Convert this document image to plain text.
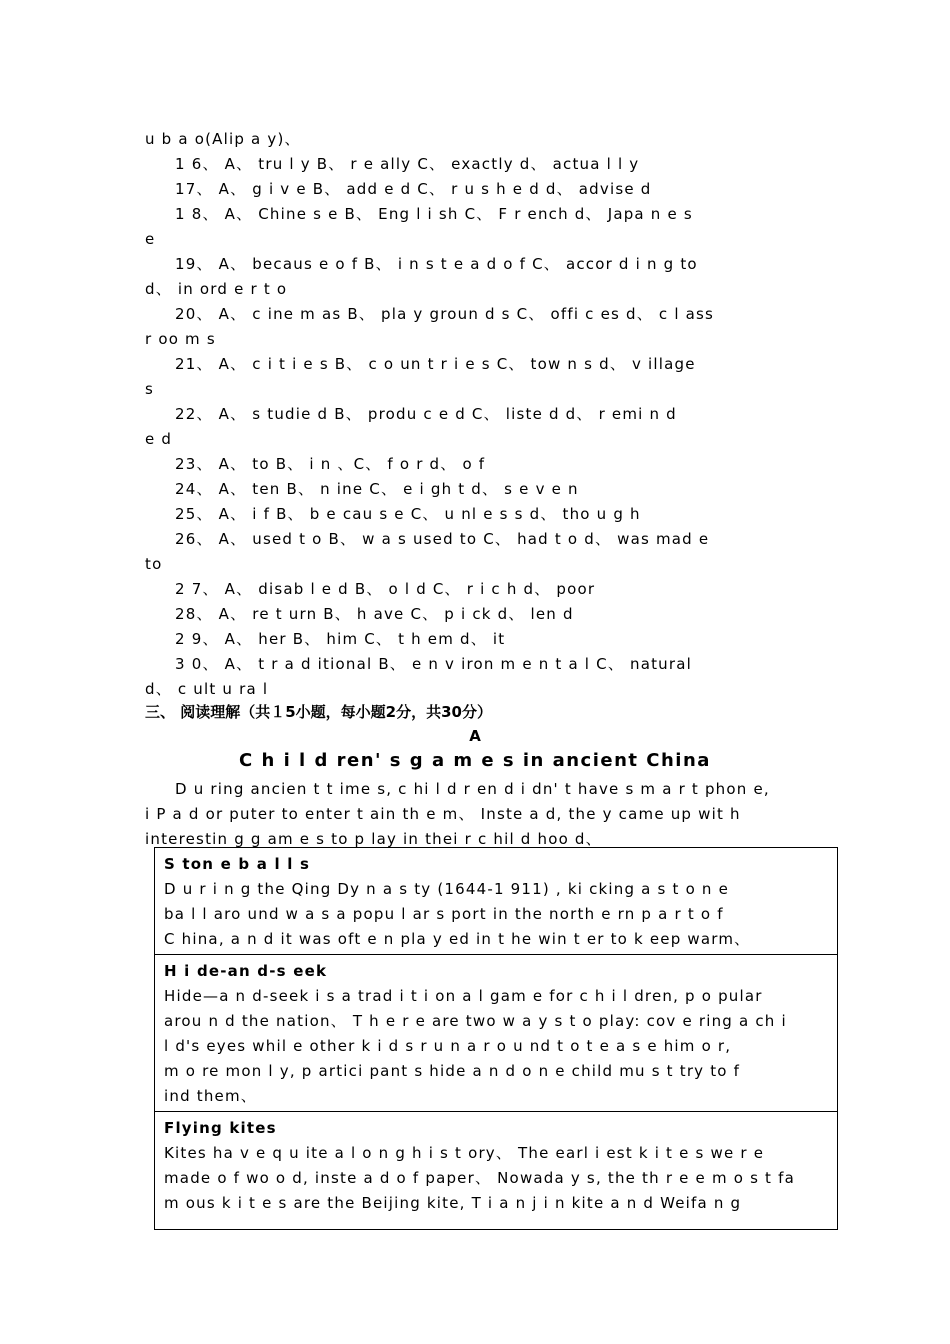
u b a o(Alip a y)、
1 6、 A、 tru l y B、 r e ally C、 exactly d、 actua l l y
17、 A、 g i v e B、 add e d C、 r u s h e d d、 advise d
1 8、 A、 Chine s e B、 Eng l i sh C、 F r ench d、 Japa n e s
e
19、 A、 becaus e o f B、 i n s t e a d o f C、 accor d i n g to
d、 in ord e r t o
20、 A、 c ine m as B、 pla y groun d s C、 offi c es d、 c l ass
r oo m s
21、 A、 c i t i e s B、 c o un t r i e s C、 tow n s d、 v illage
s
22、 A、 s tudie d B、 produ c e d C、 liste d d、 r emi n d
e d
23、 A、 to B、 i n 、C、 f o r d、 o f
24、 A、 ten B、 n ine C、 e i gh t d、 s e v e n
25、 A、 i f B、 b e cau s e C、 u nl e s s d、 tho u g h
26、 A、 used t o B、 w a s used to C、 had t o d、 was mad e
to
2 7、 A、 disab l e d B、 o l d C、 r i c h d、 poor
28、 A、 re t urn B、 h ave C、 p i ck d、 len d
2 9、 A、 her B、 him C、 t h em d、 it
3 0、 A、 t r a d itional B、 e n v iron m e n t a l C、 natural
d、 c ult u ra l
三、 阅读理解（共１5小题，每小题2分，共30分）
A
C h i l d ren' s g a m e s in ancient China
D u ring ancien t t ime s, c hi l d r en d i dn' t have s m a r t phon e,
i P a d or puter to enter t ain th e m、 Inste a d, the y came up wit h
interestin g g am e s to p lay in thei r c hil d hoo d、
S ton e b a l l s
D u r i n g the Qing Dy n a s ty (1644-1 911) , ki cking a s t o n e
ba l l aro und w a s a popu l ar s port in the north e rn p a r t o f
C hina, a n d it was oft e n pla y ed in t he win t er to k eep warm、
H i de-an d-s eek
Hide—a n d-seek i s a trad i t i on a l gam e for c h i l dren, p o pular
arou n d the nation、 T h e r e are two w a y s t o play: cov e ring a ch i
l d's eyes whil e other k i d s r u n a r o u nd t o t e a s e him o r,
m o re mon l y, p artici pant s hide a n d o n e child mu s t try to f
ind them、
Flying kites
Kites ha v e q u ite a l o n g h i s t ory、 The earl i est k i t e s we r e
made o f wo o d, inste a d o f paper、 Nowada y s, the th r e e m o s t fa
m ous k i t e s are the Beijing kite, T i a n j i n kite a n d Weifa n g
